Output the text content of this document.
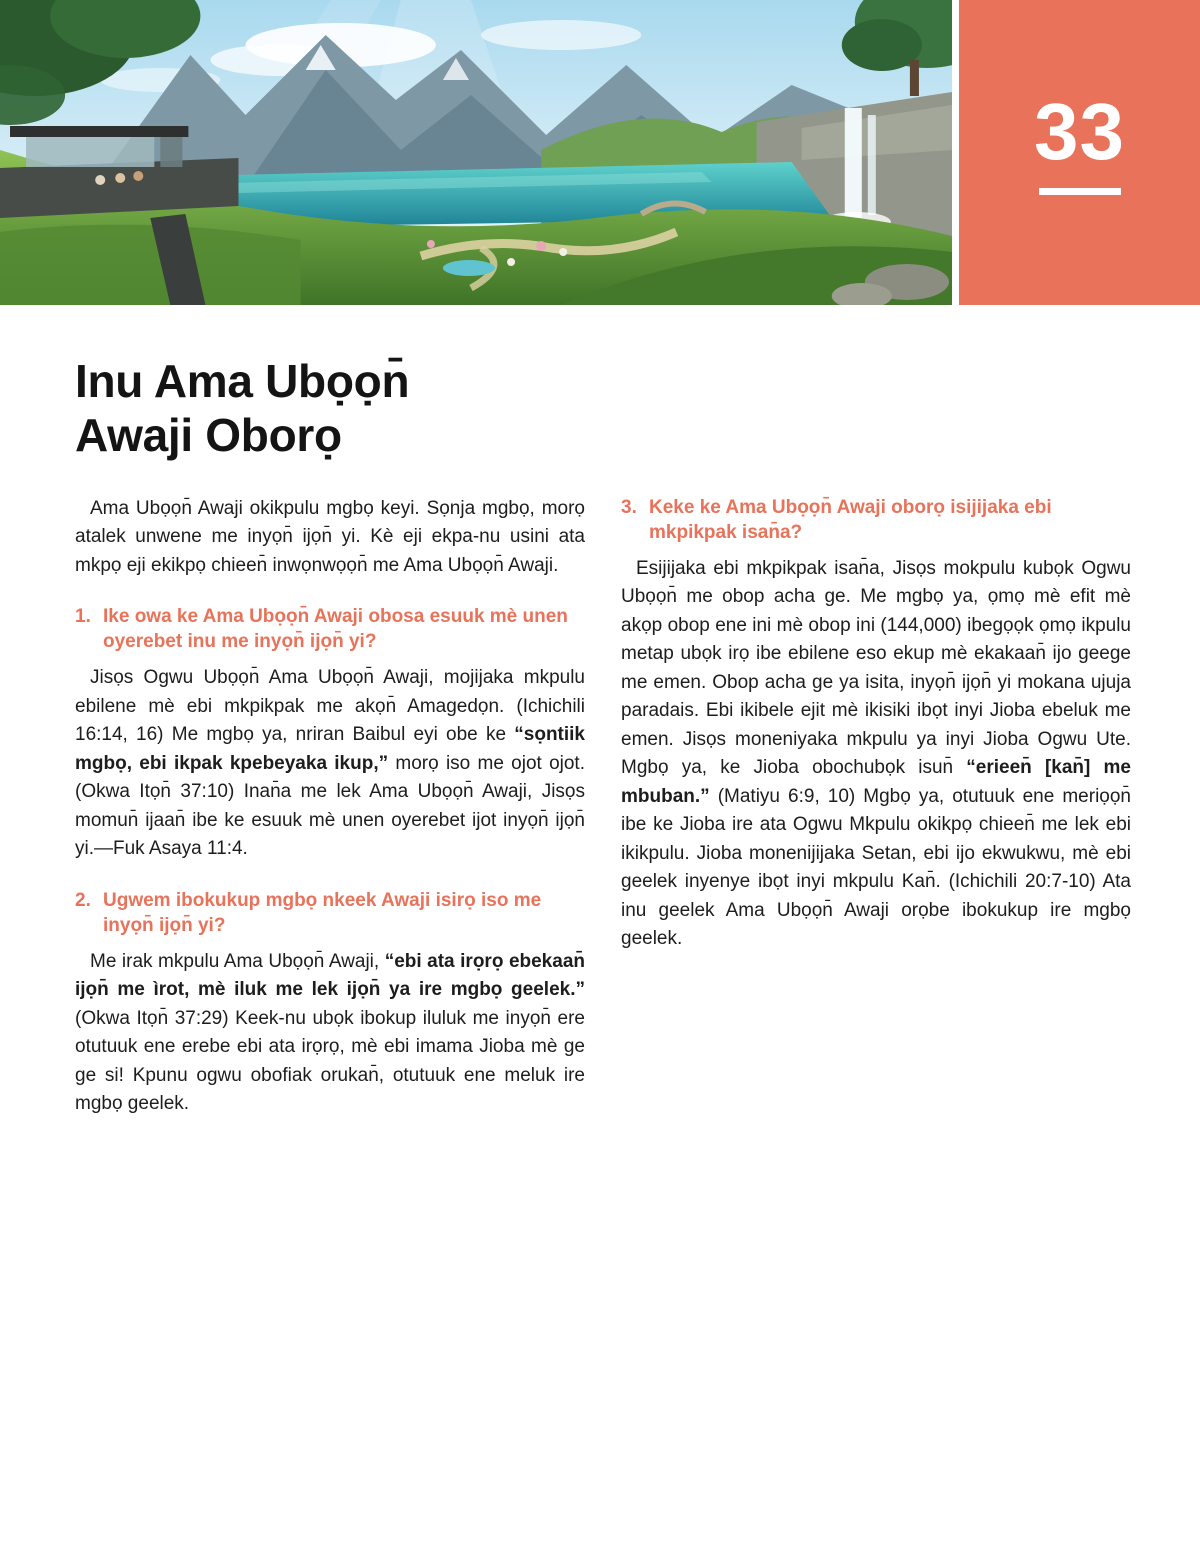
33
Inu Ama Ubọọn̄
Awaji Oborọ

Ama Ubọọn̄ Awaji okikpulu mgbọ keyi. Sọnja mgbọ, morọ atalek unwene me inyọn̄ ijọn̄ yi. Kè eji ekpa-nu usini ata mkpọ eji ekikpọ chieen̄ inwọnwọọn̄ me Ama Ubọọn̄ Awaji.

1. Ike owa ke Ama Ubọọn̄ Awaji obosa esuuk mè unen oyerebet inu me inyọn̄ ijọn̄ yi?

Jisọs Ogwu Ubọọn̄ Ama Ubọọn̄ Awaji, mojijaka mkpulu ebilene mè ebi mkpikpak me akọn̄ Amagedọn. (Ichichili 16:14, 16) Me mgbọ ya, nriran Baibul eyi obe ke “sọntiik mgbọ, ebi ikpak kpebeyaka ikup,” morọ iso me ojot ojot. (Okwa Itọn̄ 37:10) Inan̄a me lek Ama Ubọọn̄ Awaji, Jisọs momun̄ ijaan̄ ibe ke esuuk mè unen oyerebet ijot inyọn̄ ijọn̄ yi.—Fuk Asaya 11:4.

2. Ugwem ibokukup mgbọ nkeek Awaji isirọ iso me inyọn̄ ijọn̄ yi?

Me irak mkpulu Ama Ubọọn̄ Awaji, “ebi ata irọrọ ebekaan̄ ijọn̄ me ìrot, mè iluk me lek ijọn̄ ya ire mgbọ geelek.” (Okwa Itọn̄ 37:29) Keek-nu ubọk ibokup iluluk me inyọn̄ ere otutuuk ene erebe ebi ata irọrọ, mè ebi imama Jioba mè ge ge si! Kpunu ogwu obofiak orukan̄, otutuuk ene meluk ire mgbọ geelek.

3. Keke ke Ama Ubọọn̄ Awaji oborọ isijijaka ebi mkpikpak isan̄a?

Esijijaka ebi mkpikpak isan̄a, Jisọs mokpulu kubọk Ogwu Ubọọn̄ me obop acha ge. Me mgbọ ya, ọmọ mè efit mè akọp obop ene ini mè obop ini (144,000) ibegọọk ọmọ ikpulu metap ubọk irọ ibe ebilene eso ekup mè ekakaan̄ ijo geege me emen. Obop acha ge ya isita, inyọn̄ ijọn̄ yi mokana ujuja paradais. Ebi ikibele ejit mè ikisiki ibọt inyi Jioba ebeluk me emen. Jisọs moneniyaka mkpulu ya inyi Jioba Ogwu Ute. Mgbọ ya, ke Jioba obochubọk isun̄ “erieen̄ [kan̄] me mbuban.” (Matiyu 6:9, 10) Mgbọ ya, otutuuk ene meriọọn̄ ibe ke Jioba ire ata Ogwu Mkpulu okikpọ chieen̄ me lek ebi ikikpulu. Jioba monenijijaka Setan, ebi ijo ekwukwu, mè ebi geelek inyenye ibọt inyi mkpulu Kan̄. (Ichichili 20:7-10) Ata inu geelek Ama Ubọọn̄ Awaji orọbe ibokukup ire mgbọ geelek.
